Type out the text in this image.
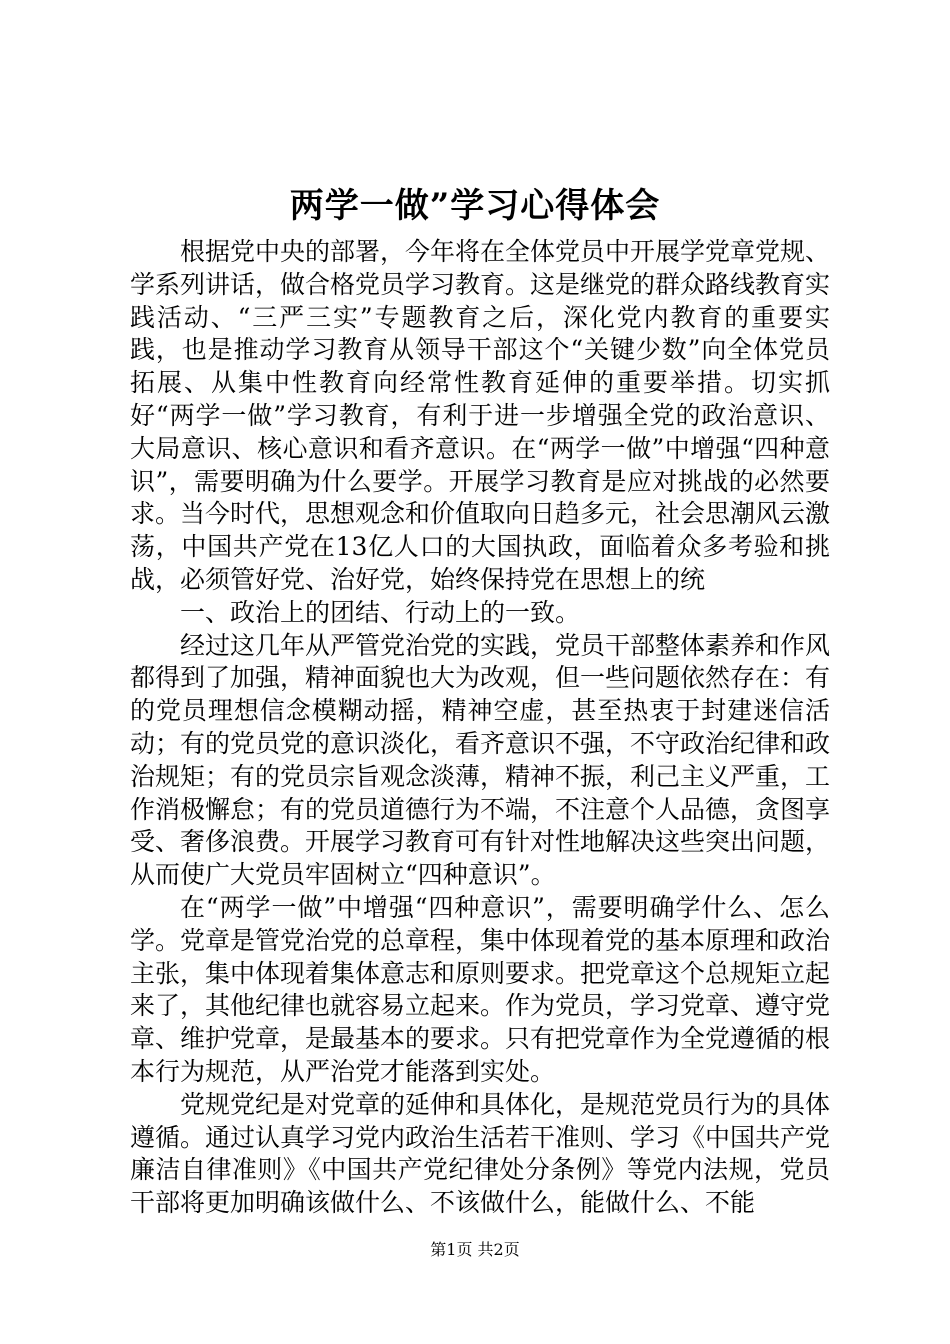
两学一做”学习心得体会

根据党中央的部署，今年将在全体党员中开展学党章党规、学系列讲话，做合格党员学习教育。这是继党的群众路线教育实践活动、“三严三实”专题教育之后，深化党内教育的重要实践，也是推动学习教育从领导干部这个“关键少数”向全体党员拓展、从集中性教育向经常性教育延伸的重要举措。切实抓好“两学一做”学习教育，有利于进一步增强全党的政治意识、大局意识、核心意识和看齐意识。在“两学一做”中增强“四种意识”，需要明确为什么要学。开展学习教育是应对挑战的必然要求。当今时代，思想观念和价值取向日趋多元，社会思潮风云激荡，中国共产党在13亿人口的大国执政，面临着众多考验和挑战，必须管好党、治好党，始终保持党在思想上的统

一、政治上的团结、行动上的一致。

经过这几年从严管党治党的实践，党员干部整体素养和作风都得到了加强，精神面貌也大为改观，但一些问题依然存在：有的党员理想信念模糊动摇，精神空虚，甚至热衷于封建迷信活动；有的党员党的意识淡化，看齐意识不强，不守政治纪律和政治规矩；有的党员宗旨观念淡薄，精神不振，利己主义严重，工作消极懈怠；有的党员道德行为不端，不注意个人品德，贪图享受、奢侈浪费。开展学习教育可有针对性地解决这些突出问题，从而使广大党员牢固树立“四种意识”。

在“两学一做”中增强“四种意识”，需要明确学什么、怎么学。党章是管党治党的总章程，集中体现着党的基本原理和政治主张，集中体现着集体意志和原则要求。把党章这个总规矩立起来了，其他纪律也就容易立起来。作为党员，学习党章、遵守党章、维护党章，是最基本的要求。只有把党章作为全党遵循的根本行为规范，从严治党才能落到实处。

党规党纪是对党章的延伸和具体化，是规范党员行为的具体遵循。通过认真学习党内政治生活若干准则、学习《中国共产党廉洁自律准则》《中国共产党纪律处分条例》等党内法规，党员干部将更加明确该做什么、不该做什么，能做什么、不能

第1页 共2页
